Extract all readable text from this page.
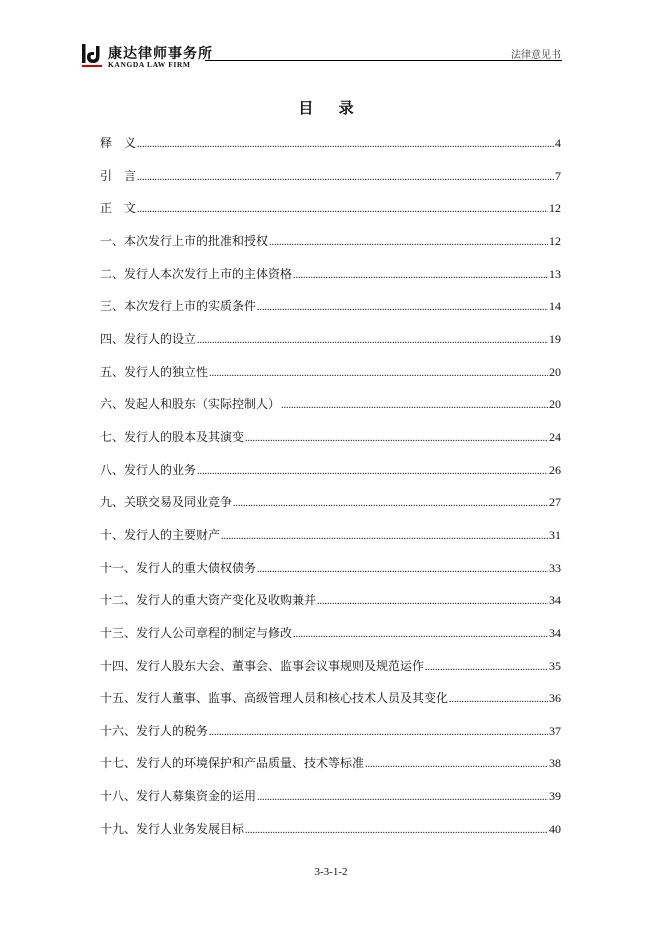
康达律师事务所
KANGDA LAW FIRM
法律意见书
目 录
释　义 .....	4
引　言 .....	7
正　文 .....	12
一、本次发行上市的批准和授权 .....	12
二、发行人本次发行上市的主体资格 .....	13
三、本次发行上市的实质条件 .....	14
四、发行人的设立 .....	19
五、发行人的独立性 .....	20
六、发起人和股东（实际控制人） .....	20
七、发行人的股本及其演变 .....	24
八、发行人的业务 .....	26
九、关联交易及同业竞争 .....	27
十、发行人的主要财产 .....	31
十一、发行人的重大债权债务 .....	33
十二、发行人的重大资产变化及收购兼并 .....	34
十三、发行人公司章程的制定与修改 .....	34
十四、发行人股东大会、董事会、监事会议事规则及规范运作 .....	35
十五、发行人董事、监事、高级管理人员和核心技术人员及其变化 .....	36
十六、发行人的税务 .....	37
十七、发行人的环境保护和产品质量、技术等标准 .....	38
十八、发行人募集资金的运用 .....	39
十九、发行人业务发展目标 .....	40
3-3-1-2
